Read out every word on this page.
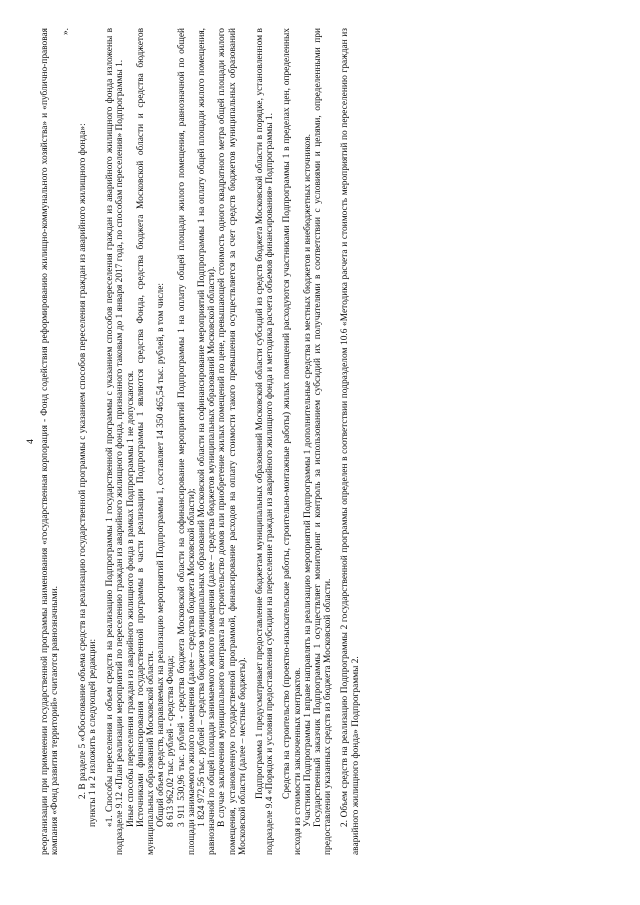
4 реорганизации при применении государственной программы наименования «государственная корпорация - Фонд содействия реформированию жилищно-коммунального хозяйства» и «публично-правовая компания «Фонд развития территорий» считаются равнозначными.

».

2. В разделе 5 «Обоснование объема средств на реализацию государственной программы с указанием способов переселения граждан из аварийного жилищного фонда»: пункты 1 и 2 изложить в следующей редакции: «1. Способы переселения и объем средств на реализацию Подпрограммы 1 государственной программы с указанием способов переселения граждан из аварийного жилищного фонда изложены в подразделе 9.12 «План реализации мероприятий по переселению граждан из аварийного жилищного фонда, признанного таковым до 1 января 2017 года, по способам переселения» Подпрограммы 1. Иные способы переселения граждан из аварийного жилищного фонда в рамках Подпрограммы 1 не допускаются. Источниками финансирования государственной программы в части реализации Подпрограммы 1 являются средства Фонда, средства бюджета Московской области и средства бюджетов муниципальных образований Московской области. Общий объем средств, направляемых на реализацию мероприятий Подпрограммы 1, составляет 14 350 465,54 тыс. рублей, в том числе: 8 613 962,02 тыс. рублей - средства Фонда; 3 911 530,96 тыс. рублей - средства бюджета Московской области на софинансирование мероприятий Подпрограммы 1 на оплату общей площади жилого помещения, равнозначной по общей площади занимаемого жилого помещения (далее – средства бюджета Московской области); 1 824 972,56 тыс. рублей – средства бюджетов муниципальных образований Московской области на софинансирование мероприятий Подпрограммы 1 на оплату общей площади жилого помещения, равнозначной по общей площади занимаемого жилого помещения (далее – средства бюджетов муниципальных образований Московской области). В случае заключения муниципального контракта на строительство домов или приобретение жилых помещений по цене, превышающей стоимость одного квадратного метра общей площади жилого помещения, установленную государственной программой, финансирование расходов на оплату стоимости такого превышения осуществляется за счет средств бюджетов муниципальных образований Московской области (далее – местные бюджеты). Подпрограмма 1 предусматривает предоставление бюджетам муниципальных образований Московской области субсидий из средств бюджета Московской области в порядке, установленном в подразделе 9.4 «Порядок и условия предоставления субсидии на переселение граждан из аварийного жилищного фонда и методика расчета объемов финансирования» Подпрограммы 1. Средства на строительство (проектно-изыскательские работы, строительно-монтажные работы) жилых помещений расходуются участниками Подпрограммы 1 в пределах цен, определенных исходя из стоимости заключенных контрактов. Участники Подпрограммы 1 вправе направлять на реализацию мероприятий Подпрограммы 1 дополнительные средства из местных бюджетов и внебюджетных источников. Государственный заказчик Подпрограммы 1 осуществляет мониторинг и контроль за использованием субсидий их получателями в соответствии с условиями и целями, определенными при предоставлении указанных средств из бюджета Московской области. 2. Объем средств на реализацию Подпрограммы 2 государственной программы определен в соответствии подразделом 10.6 «Методика расчета и стоимость мероприятий по переселению граждан из аварийного жилищного фонда» Подпрограммы 2.
